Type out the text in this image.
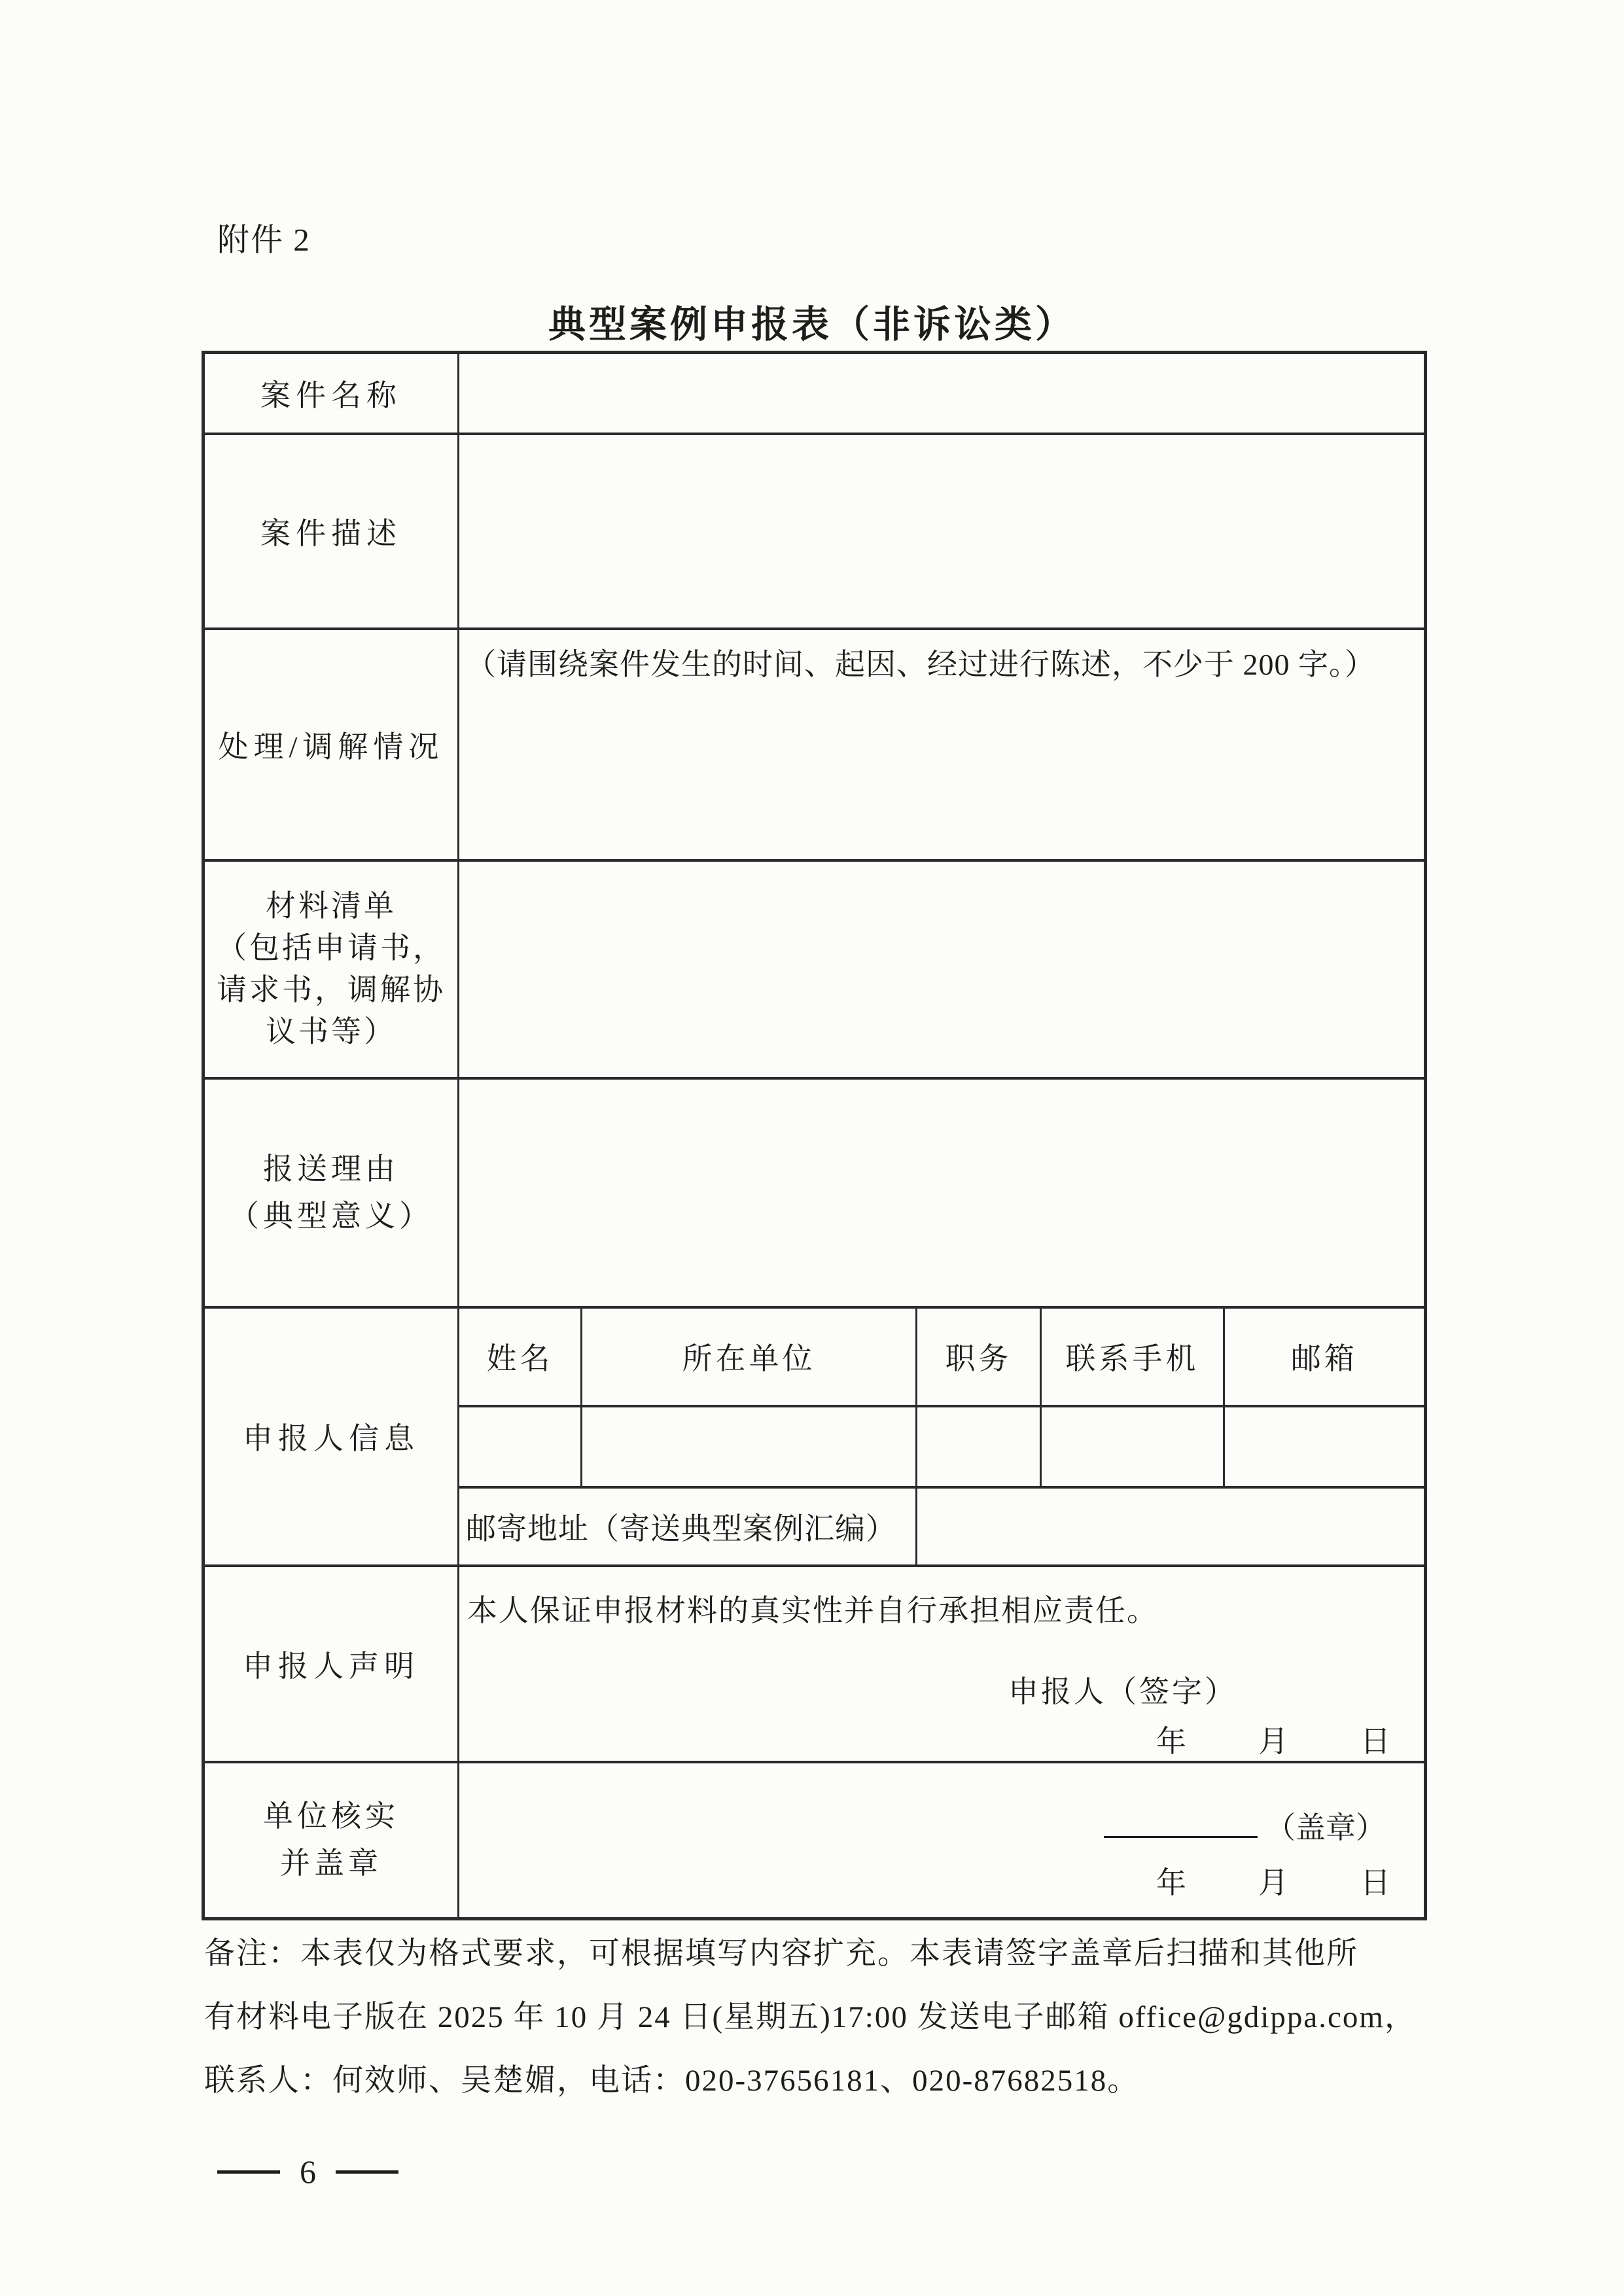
附件 2
典型案例申报表（非诉讼类）
案件名称					
案件描述					
处理/调解情况	（请围绕案件发生的时间、起因、经过进行陈述，不少于 200 字。）				

材料清单
（包括申请书，
请求书，调解协
议书等）					

报送理由
（典型意义）					

申报人信息	姓名	所在单位	职务	联系手机	邮箱

	邮寄地址（寄送典型案例汇编）				
申报人声明	本人保证申报材料的真实性并自行承担相应责任。
申报人（签字）
年　　月　　日				

单位核实
并盖章

（盖章）
年　　月　　日
备注：本表仅为格式要求，可根据填写内容扩充。本表请签字盖章后扫描和其他所
有材料电子版在 2025 年 10 月 24 日(星期五)17:00 发送电子邮箱 office@gdippa.com，
联系人：何效师、吴楚媚，电话：020-37656181、020-87682518。
6
